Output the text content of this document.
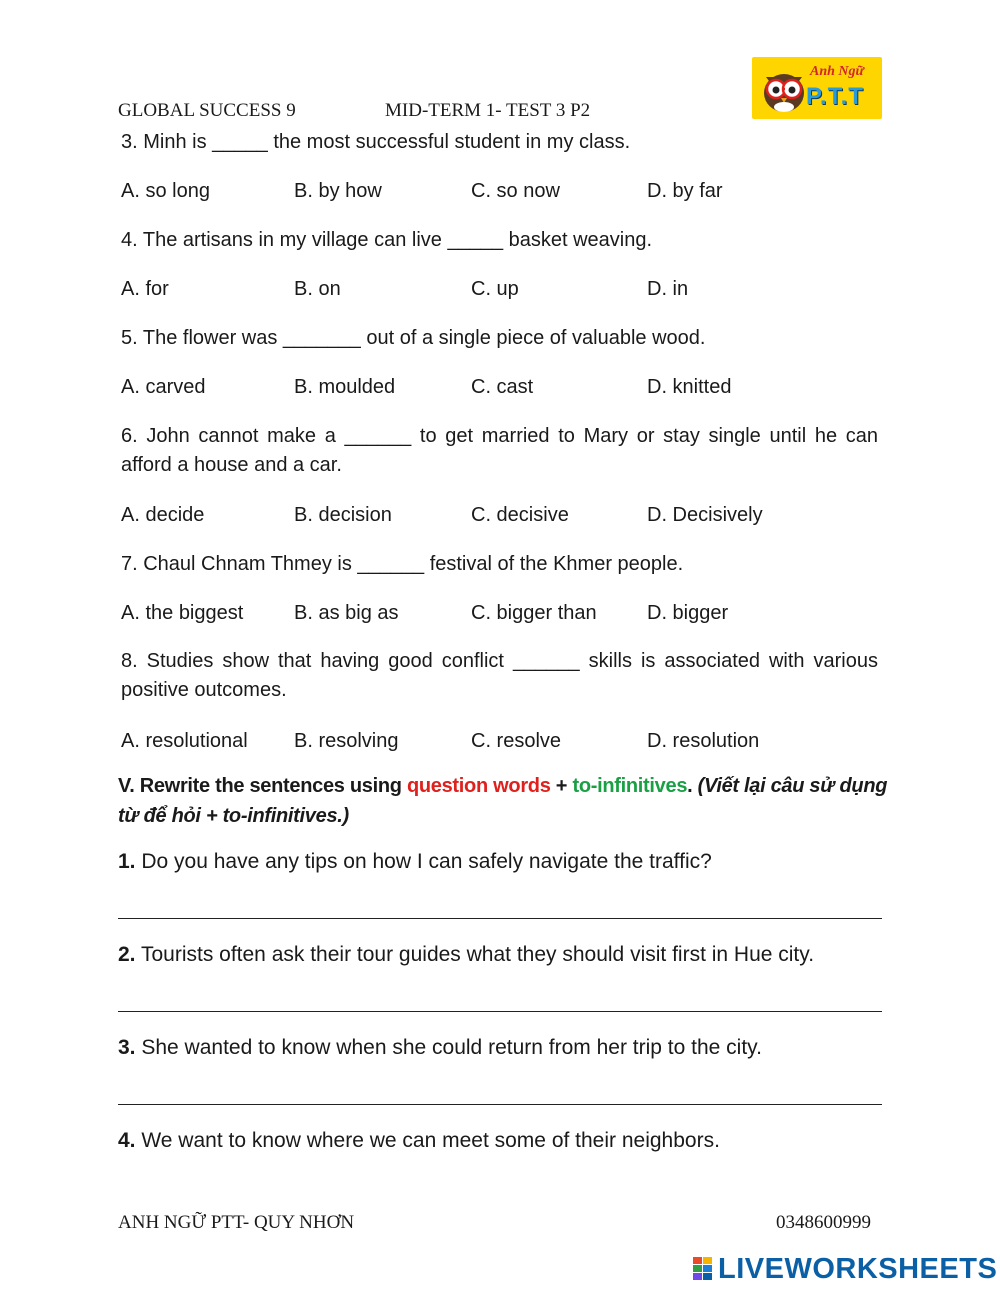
GLOBAL SUCCESS 9	MID-TERM 1- TEST 3 P2
Anh Ngữ
P.T.T
3. Minh is _____ the most successful student in my class.
A. so long	B. by how	C. so now	D. by far
4. The artisans in my village can live _____ basket weaving.
A. for	B. on	C. up	D. in
5. The flower was _______ out of a single piece of valuable wood.
A. carved	B. moulded	C. cast	D. knitted
6. John cannot make a ______ to get married to Mary or stay single until he can afford a house and a car.
A. decide	B. decision	C. decisive	D. Decisively
7. Chaul Chnam Thmey is ______ festival of the Khmer people.
A. the biggest	B. as big as	C. bigger than	D. bigger
8. Studies show that having good conflict ______ skills is associated with various positive outcomes.
A. resolutional B. resolving	C. resolve	D. resolution
V. Rewrite the sentences using question words + to-infinitives. (Viết lại câu sử dụng từ để hỏi + to-infinitives.)
1. Do you have any tips on how I can safely navigate the traffic?
2. Tourists often ask their tour guides what they should visit first in Hue city.
3. She wanted to know when she could return from her trip to the city.
4. We want to know where we can meet some of their neighbors.
ANH NGỮ PTT- QUY NHƠN	0348600999
LIVEWORKSHEETS
